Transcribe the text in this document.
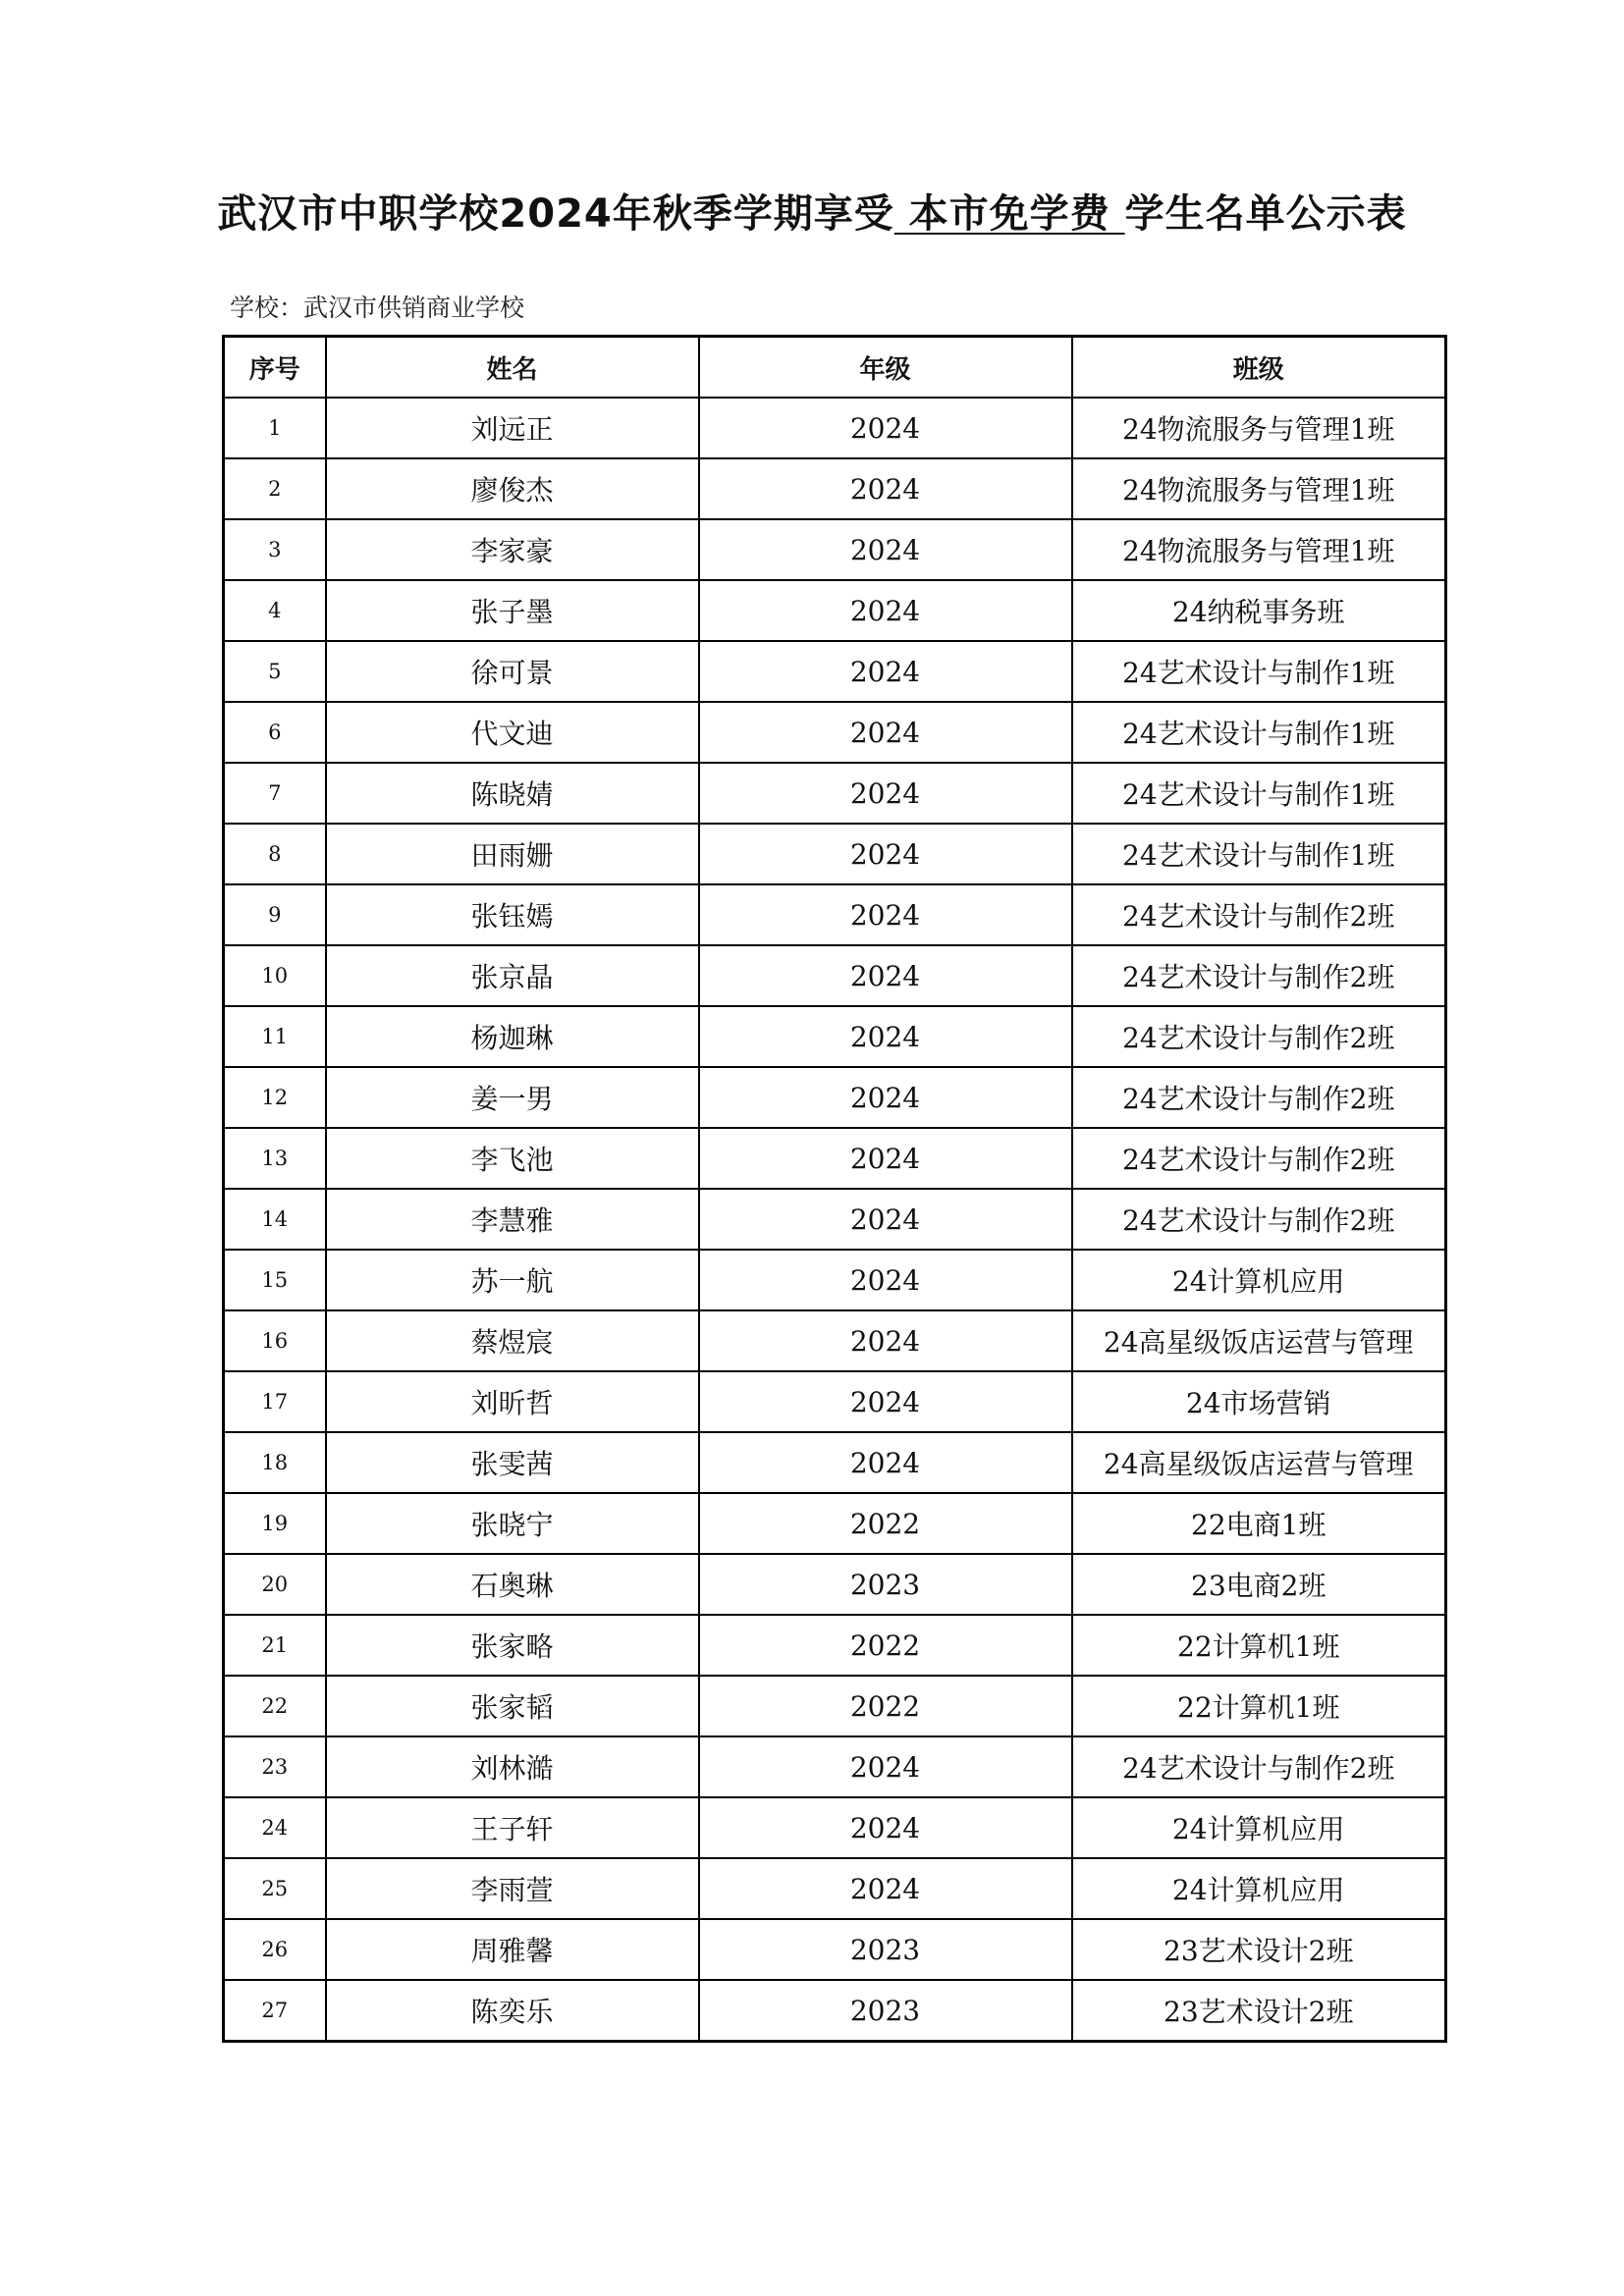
武汉市中职学校2024年秋季学期享受 本市免学费 学生名单公示表
学校：武汉市供销商业学校
序号	姓名	年级	班级
1	刘远正	2024	24物流服务与管理1班
2	廖俊杰	2024	24物流服务与管理1班
3	李家豪	2024	24物流服务与管理1班
4	张子墨	2024	24纳税事务班
5	徐可景	2024	24艺术设计与制作1班
6	代文迪	2024	24艺术设计与制作1班
7	陈晓婧	2024	24艺术设计与制作1班
8	田雨姗	2024	24艺术设计与制作1班
9	张钰嫣	2024	24艺术设计与制作2班
10	张京晶	2024	24艺术设计与制作2班
11	杨迦琳	2024	24艺术设计与制作2班
12	姜一男	2024	24艺术设计与制作2班
13	李飞池	2024	24艺术设计与制作2班
14	李慧雅	2024	24艺术设计与制作2班
15	苏一航	2024	24计算机应用
16	蔡煜宸	2024	24高星级饭店运营与管理
17	刘昕哲	2024	24市场营销
18	张雯茜	2024	24高星级饭店运营与管理
19	张晓宁	2022	22电商1班
20	石奥琳	2023	23电商2班
21	张家略	2022	22计算机1班
22	张家韬	2022	22计算机1班
23	刘林澔	2024	24艺术设计与制作2班
24	王子轩	2024	24计算机应用
25	李雨萱	2024	24计算机应用
26	周雅馨	2023	23艺术设计2班
27	陈奕乐	2023	23艺术设计2班
